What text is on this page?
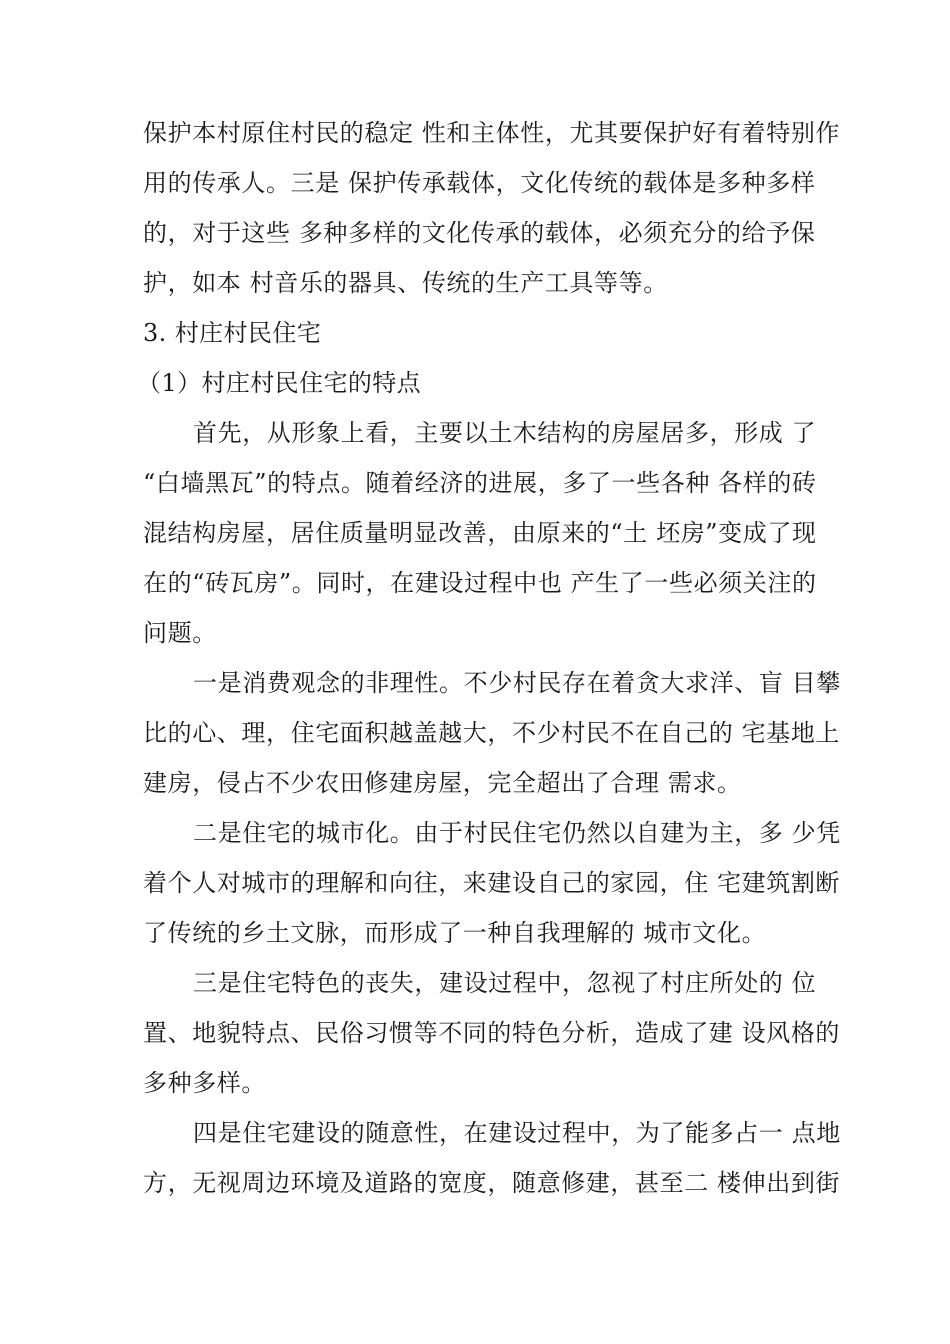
保护本村原住村民的稳定 性和主体性，尤其要保护好有着特别作
用的传承人。三是 保护传承载体，文化传统的载体是多种多样
的，对于这些 多种多样的文化传承的载体，必须充分的给予保
护，如本 村音乐的器具、传统的生产工具等等。
3. 村庄村民住宅
（1）村庄村民住宅的特点
首先，从形象上看，主要以土木结构的房屋居多，形成 了
“白墙黑瓦”的特点。随着经济的进展，多了一些各种 各样的砖
混结构房屋，居住质量明显改善，由原来的“土 坯房”变成了现
在的“砖瓦房”。同时，在建设过程中也 产生了一些必须关注的
问题。
一是消费观念的非理性。不少村民存在着贪大求洋、盲 目攀
比的心、理，住宅面积越盖越大，不少村民不在自己的 宅基地上
建房，侵占不少农田修建房屋，完全超出了合理 需求。
二是住宅的城市化。由于村民住宅仍然以自建为主，多 少凭
着个人对城市的理解和向往，来建设自己的家园，住 宅建筑割断
了传统的乡土文脉，而形成了一种自我理解的 城市文化。
三是住宅特色的丧失，建设过程中，忽视了村庄所处的 位
置、地貌特点、民俗习惯等不同的特色分析，造成了建 设风格的
多种多样。
四是住宅建设的随意性，在建设过程中，为了能多占一 点地
方，无视周边环境及道路的宽度，随意修建，甚至二 楼伸出到街
